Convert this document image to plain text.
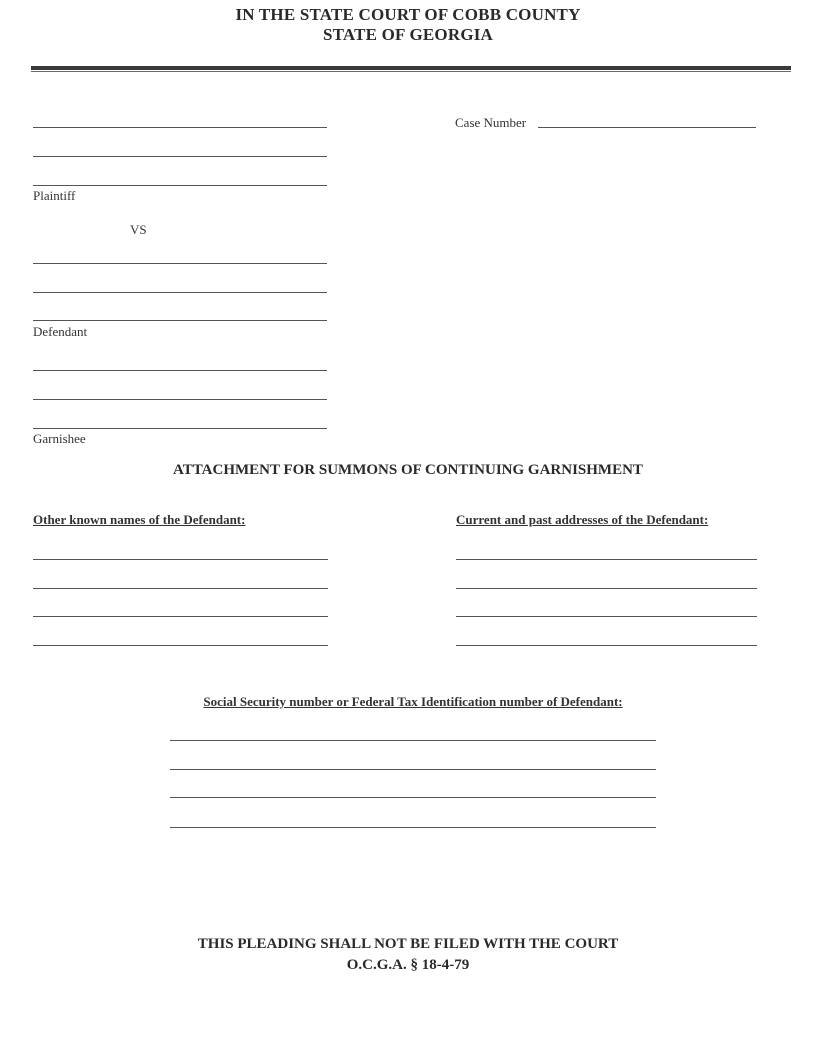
IN THE STATE COURT OF COBB COUNTY
STATE OF GEORGIA
Plaintiff
Case Number
VS
Defendant
Garnishee
ATTACHMENT FOR SUMMONS OF CONTINUING GARNISHMENT
Other known names of the Defendant:	Current and past addresses of the Defendant:
Social Security number or Federal Tax Identification number of Defendant:
THIS PLEADING SHALL NOT BE FILED WITH THE COURT
O.C.G.A. § 18-4-79
